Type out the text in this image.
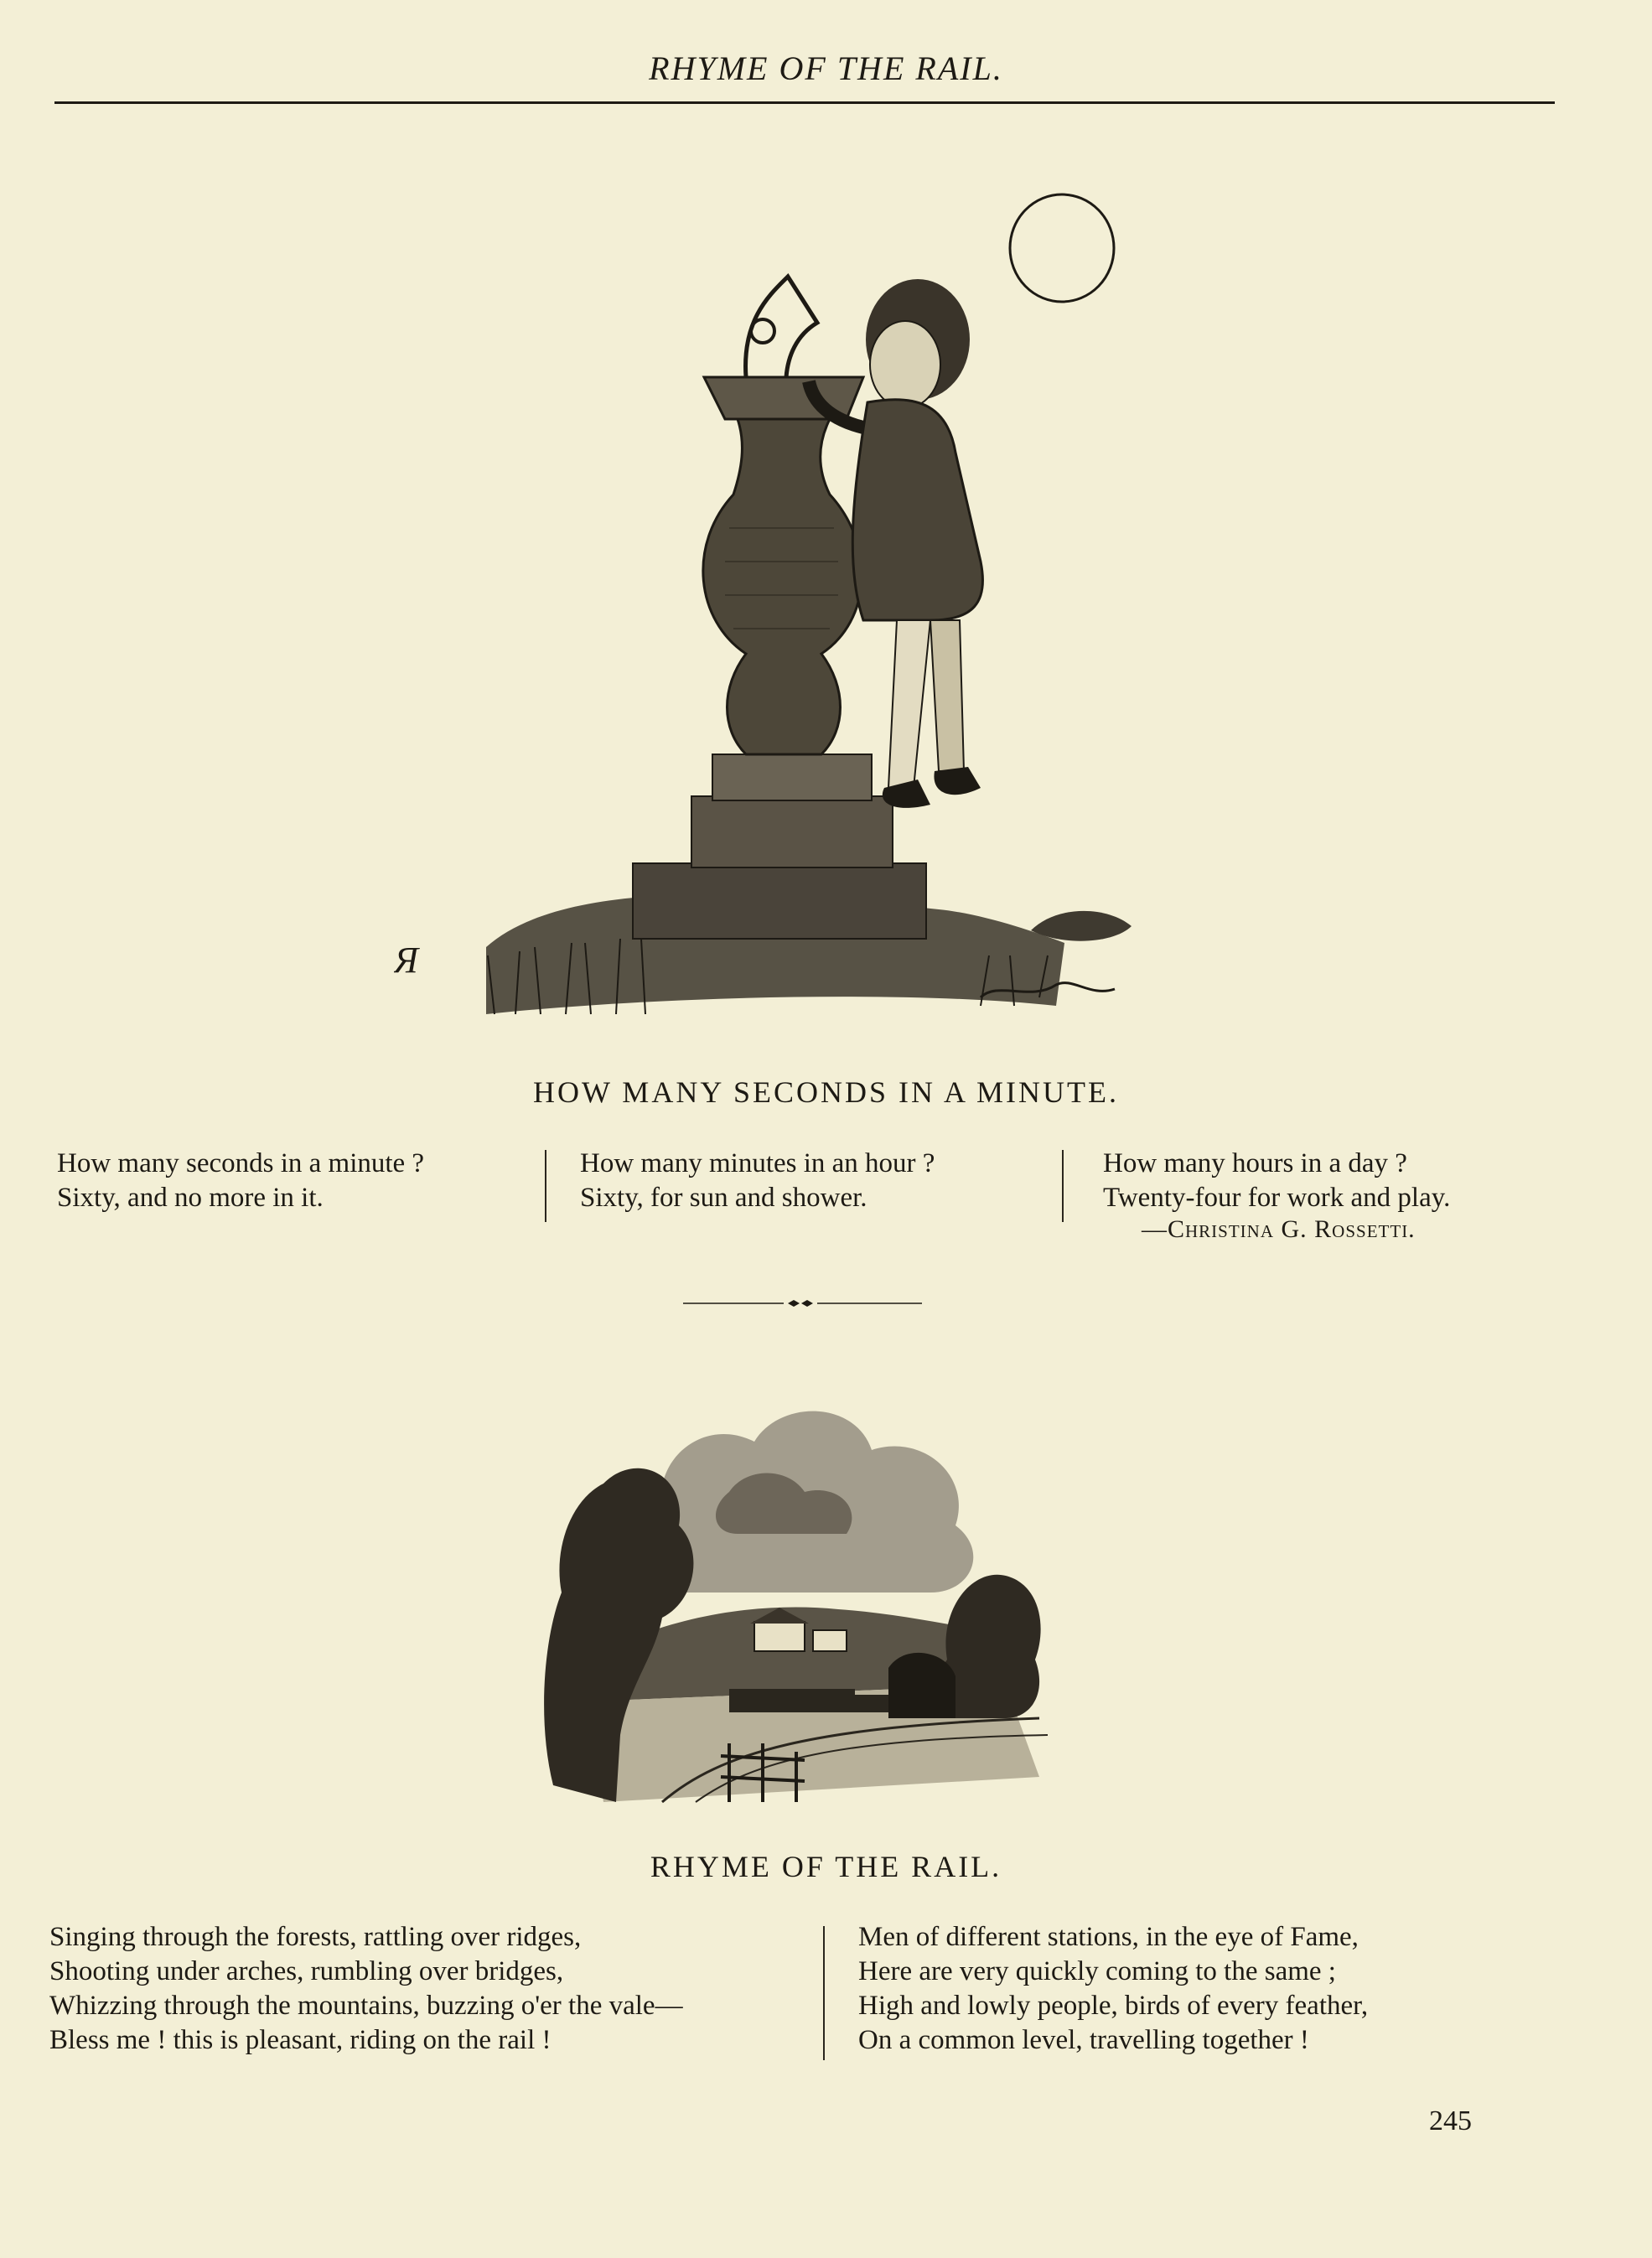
RHYME OF THE RAIL.
Я
HOW MANY SECONDS IN A MINUTE.
How many seconds in a minute ?
Sixty, and no more in it.
How many minutes in an hour ?
Sixty, for sun and shower.
How many hours in a day ?
Twenty-four for work and play.
—Christina G. Rossetti.
RHYME OF THE RAIL.
Singing through the forests, rattling over ridges,
Shooting under arches, rumbling over bridges,
Whizzing through the mountains, buzzing o'er the vale—
Bless me ! this is pleasant, riding on the rail !
Men of different stations, in the eye of Fame,
Here are very quickly coming to the same ;
High and lowly people, birds of every feather,
On a common level, travelling together !
245
